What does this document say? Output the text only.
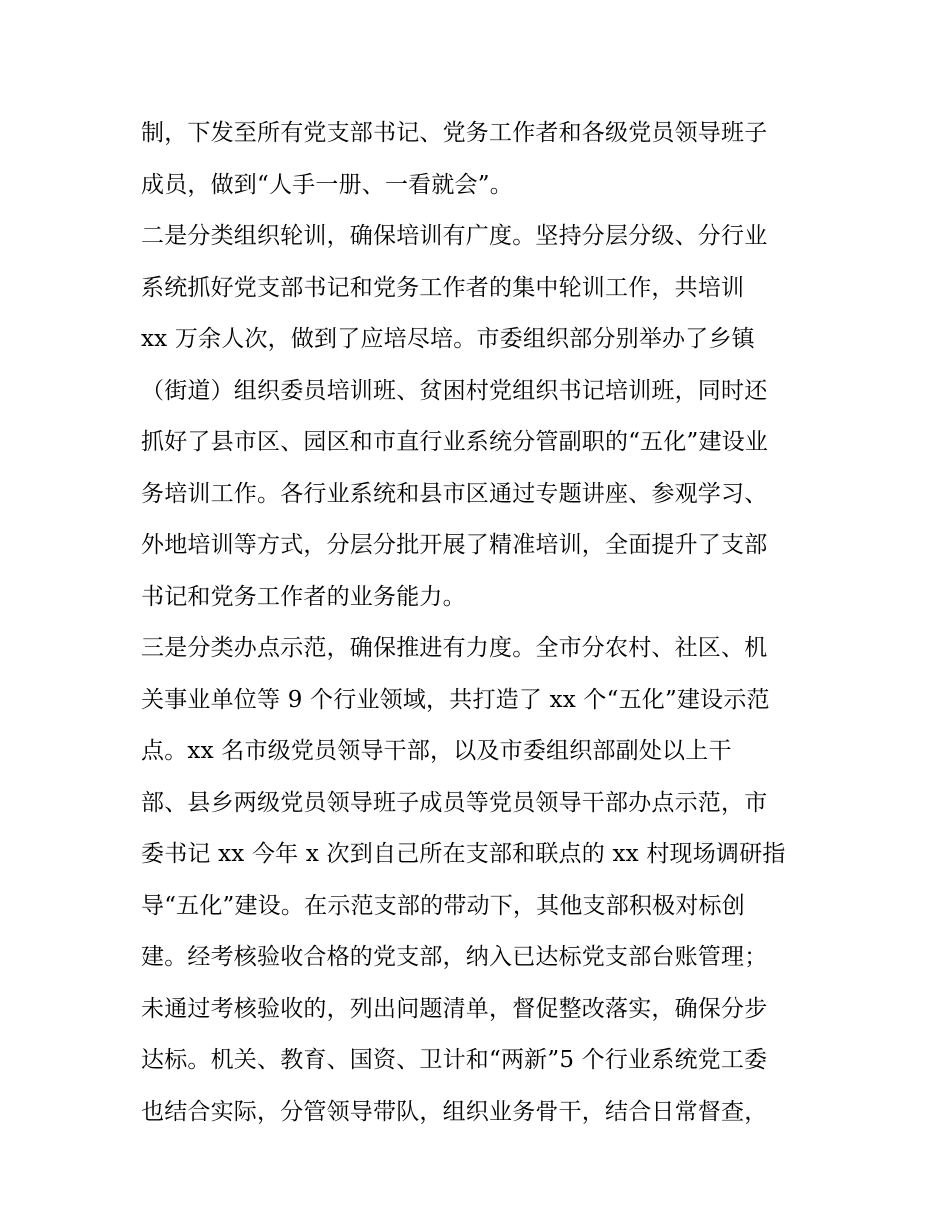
制，下发至所有党支部书记、党务工作者和各级党员领导班子
成员，做到“人手一册、一看就会”。
二是分类组织轮训，确保培训有广度。坚持分层分级、分行业
系统抓好党支部书记和党务工作者的集中轮训工作，共培训
xx 万余人次，做到了应培尽培。市委组织部分别举办了乡镇
（街道）组织委员培训班、贫困村党组织书记培训班，同时还
抓好了县市区、园区和市直行业系统分管副职的“五化”建设业
务培训工作。各行业系统和县市区通过专题讲座、参观学习、
外地培训等方式，分层分批开展了精准培训，全面提升了支部
书记和党务工作者的业务能力。
三是分类办点示范，确保推进有力度。全市分农村、社区、机
关事业单位等 9 个行业领域，共打造了 xx 个“五化”建设示范
点。xx 名市级党员领导干部，以及市委组织部副处以上干
部、县乡两级党员领导班子成员等党员领导干部办点示范，市
委书记 xx 今年 x 次到自己所在支部和联点的 xx 村现场调研指
导“五化”建设。在示范支部的带动下，其他支部积极对标创
建。经考核验收合格的党支部，纳入已达标党支部台账管理；
未通过考核验收的，列出问题清单，督促整改落实，确保分步
达标。机关、教育、国资、卫计和“两新”5 个行业系统党工委
也结合实际，分管领导带队，组织业务骨干，结合日常督查，
